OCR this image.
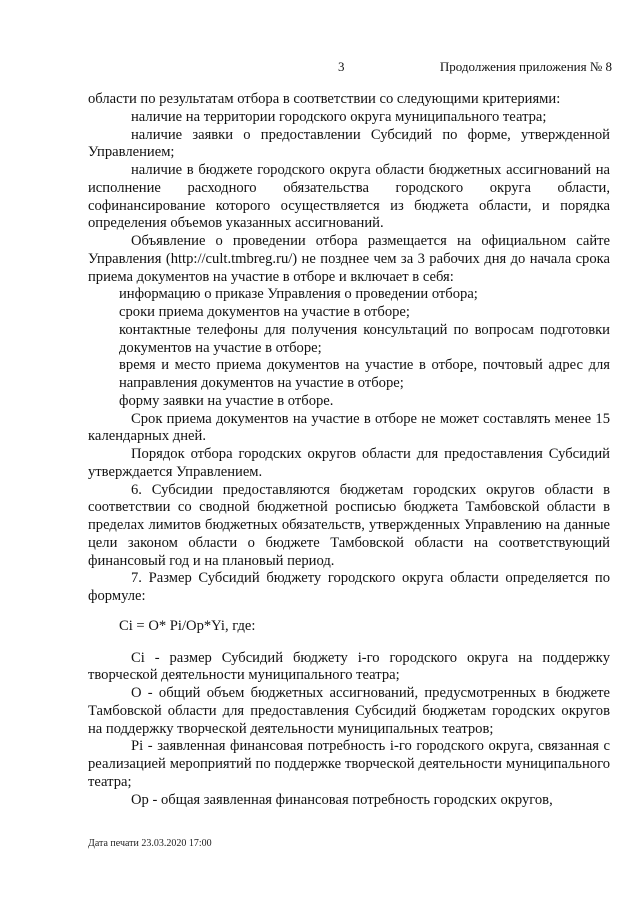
3	Продолжения приложения № 8

области по результатам отбора в соответствии со следующими критериями:

наличие на территории городского округа муниципального театра;

наличие заявки о предоставлении Субсидий по форме, утвержденной Управлением;

наличие в бюджете городского округа области бюджетных ассигнований на исполнение расходного обязательства городского округа области, софинансирование которого осуществляется из бюджета области, и порядка определения объемов указанных ассигнований.

Объявление о проведении отбора размещается на официальном сайте Управления (http://cult.tmbreg.ru/) не позднее чем за 3 рабочих дня до начала срока приема документов на участие в отборе и включает в себя:

информацию о приказе Управления о проведении отбора;

сроки приема документов на участие в отборе;

контактные телефоны для получения консультаций по вопросам подготовки документов на участие в отборе;

время и место приема документов на участие в отборе, почтовый адрес для направления документов на участие в отборе;

форму заявки на участие в отборе.

Срок приема документов на участие в отборе не может составлять менее 15 календарных дней.

Порядок отбора городских округов области для предоставления Субсидий утверждается Управлением.

6. Субсидии предоставляются бюджетам городских округов области в соответствии со сводной бюджетной росписью бюджета Тамбовской области в пределах лимитов бюджетных обязательств, утвержденных Управлению на данные цели законом области о бюджете Тамбовской области на соответствующий финансовый год и на плановый период.

7. Размер Субсидий бюджету городского округа области определяется по формуле:

Ci = O* Pi/Op*Yi, где:

Ci - размер Субсидий бюджету i-го городского округа на поддержку творческой деятельности муниципального театра;

О - общий объем бюджетных ассигнований, предусмотренных в бюджете Тамбовской области для предоставления Субсидий бюджетам городских округов на поддержку творческой деятельности муниципальных театров;

Pi - заявленная финансовая потребность i-го городского округа, связанная с реализацией мероприятий по поддержке творческой деятельности муниципального театра;

Ор - общая заявленная финансовая потребность городских округов,

Дата печати 23.03.2020 17:00
